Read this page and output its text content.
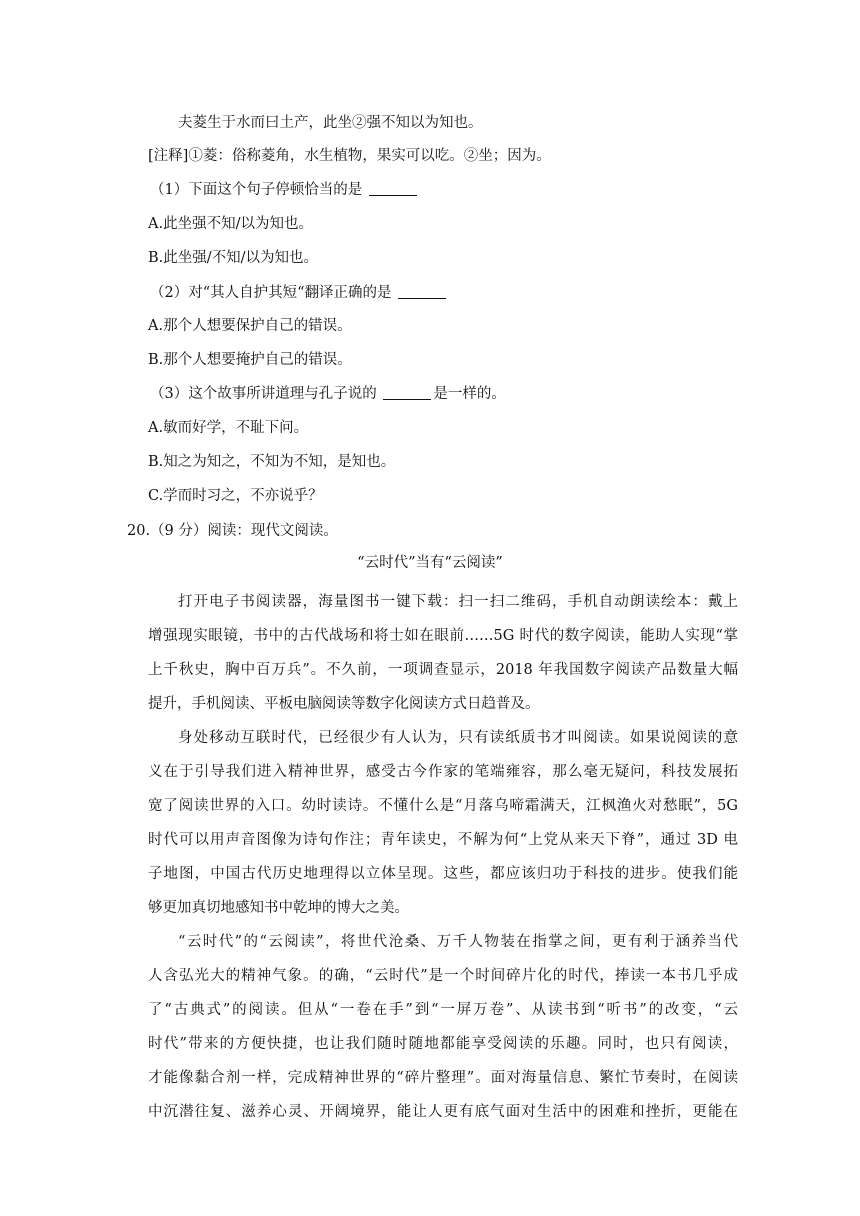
夫菱生于水而曰土产，此坐②强不知以为知也。
[注释]①菱：俗称菱角，水生植物，果实可以吃。②坐；因为。
（1）下面这个句子停顿恰当的是
A.此坐强不知/以为知也。
B.此坐强/不知/以为知也。
（2）对“其人自护其短“翻译正确的是
A.那个人想要保护自己的错误。
B.那个人想要掩护自己的错误。
（3）这个故事所讲道理与孔子说的	是一样的。
A.敏而好学，不耻下问。
B.知之为知之，不知为不知，是知也。
C.学而时习之，不亦说乎？
20.（9 分）阅读：现代文阅读。
“云时代”当有“云阅读”
打开电子书阅读器，海量图书一键下载：扫一扫二维码，手机自动朗读绘本：戴上
增强现实眼镜，书中的古代战场和将士如在眼前……5G 时代的数字阅读，能助人实现“掌
上千秋史，胸中百万兵”。不久前，一项调查显示，2018 年我国数字阅读产品数量大幅
提升，手机阅读、平板电脑阅读等数字化阅读方式日趋普及。
身处移动互联时代，已经很少有人认为，只有读纸质书才叫阅读。如果说阅读的意
义在于引导我们进入精神世界，感受古今作家的笔端雍容，那么毫无疑问，科技发展拓
宽了阅读世界的入口。幼时读诗。不懂什么是“月落乌啼霜满天，江枫渔火对愁眠”，5G
时代可以用声音图像为诗句作注；青年读史，不解为何“上党从来天下脊”，通过 3D 电
子地图，中国古代历史地理得以立体呈现。这些，都应该归功于科技的进步。使我们能
够更加真切地感知书中乾坤的博大之美。
“云时代”的“云阅读”，将世代沧桑、万千人物装在指掌之间，更有利于涵养当代
人含弘光大的精神气象。的确，“云时代”是一个时间碎片化的时代，捧读一本书几乎成
了“古典式”的阅读。但从“一卷在手”到“一屏万卷”、从读书到“听书”的改变，“云
时代”带来的方便快捷，也让我们随时随地都能享受阅读的乐趣。同时，也只有阅读，
才能像黏合剂一样，完成精神世界的“碎片整理”。面对海量信息、繁忙节奏时，在阅读
中沉潜往复、滋养心灵、开阔境界，能让人更有底气面对生活中的困难和挫折，更能在
